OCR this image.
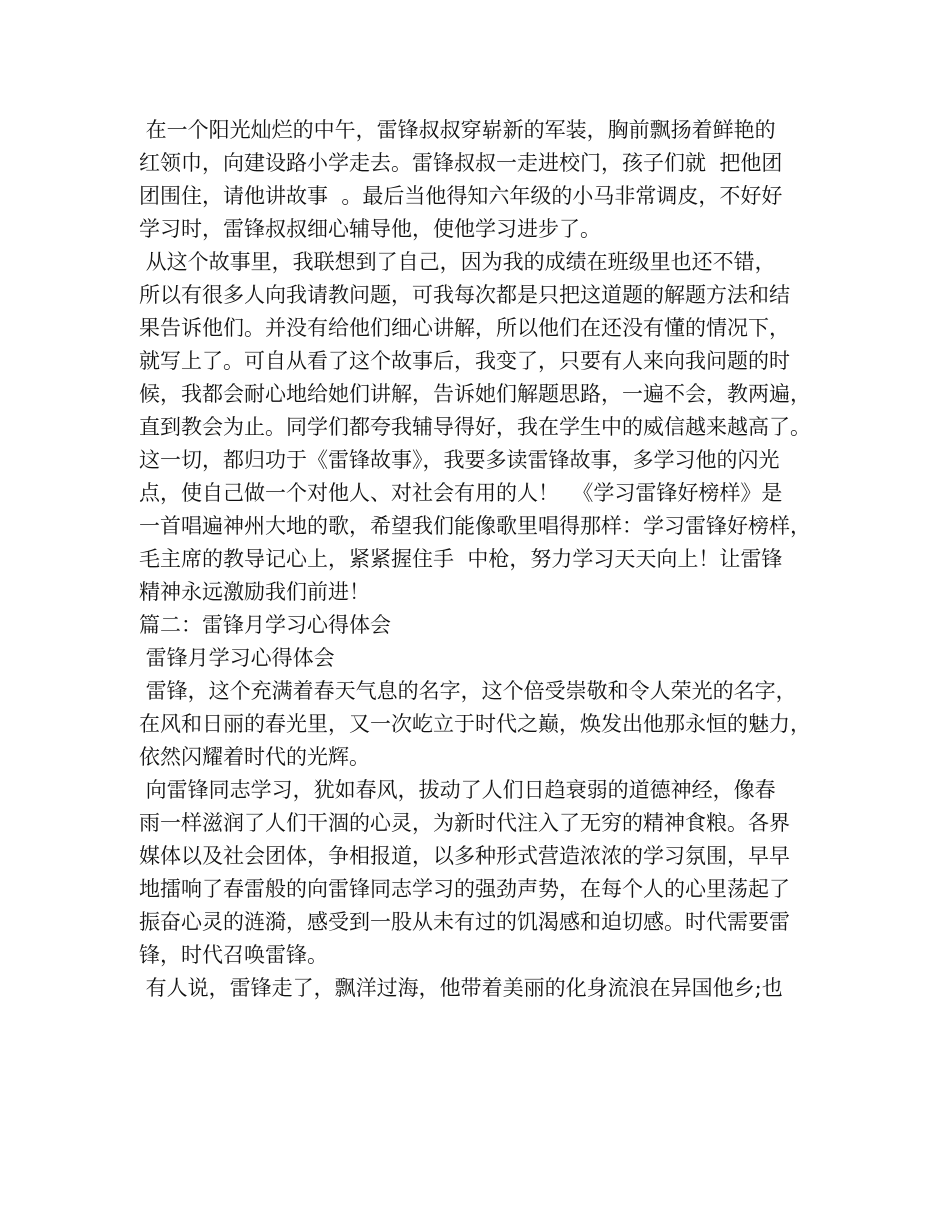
在一个阳光灿烂的中午，雷锋叔叔穿崭新的军装，胸前飘扬着鲜艳的

红领巾，向建设路小学走去。雷锋叔叔一走进校门，孩子们就  把他团

团围住，请他讲故事  。最后当他得知六年级的小马非常调皮，不好好

学习时，雷锋叔叔细心辅导他，使他学习进步了。

从这个故事里，我联想到了自己，因为我的成绩在班级里也还不错，

所以有很多人向我请教问题，可我每次都是只把这道题的解题方法和结

果告诉他们。并没有给他们细心讲解，所以他们在还没有懂的情况下，

就写上了。可自从看了这个故事后，我变了，只要有人来向我问题的时

候，我都会耐心地给她们讲解，告诉她们解题思路，一遍不会，教两遍，

直到教会为止。同学们都夸我辅导得好，我在学生中的威信越来越高了。

这一切，都归功于《雷锋故事》，我要多读雷锋故事，多学习他的闪光

点，使自己做一个对他人、对社会有用的人！  《学习雷锋好榜样》是

一首唱遍神州大地的歌，希望我们能像歌里唱得那样：学习雷锋好榜样，

毛主席的教导记心上，紧紧握住手  中枪，努力学习天天向上！让雷锋

精神永远激励我们前进！

篇二：雷锋月学习心得体会

雷锋月学习心得体会

雷锋，这个充满着春天气息的名字，这个倍受崇敬和令人荣光的名字，

在风和日丽的春光里，又一次屹立于时代之巅，焕发出他那永恒的魅力，

依然闪耀着时代的光辉。

向雷锋同志学习，犹如春风，拔动了人们日趋衰弱的道德神经，像春

雨一样滋润了人们干涸的心灵，为新时代注入了无穷的精神食粮。各界

媒体以及社会团体，争相报道，以多种形式营造浓浓的学习氛围，早早

地擂响了春雷般的向雷锋同志学习的强劲声势，在每个人的心里荡起了

振奋心灵的涟漪，感受到一股从未有过的饥渴感和迫切感。时代需要雷

锋，时代召唤雷锋。

有人说，雷锋走了，飘洋过海，他带着美丽的化身流浪在异国他乡;也
